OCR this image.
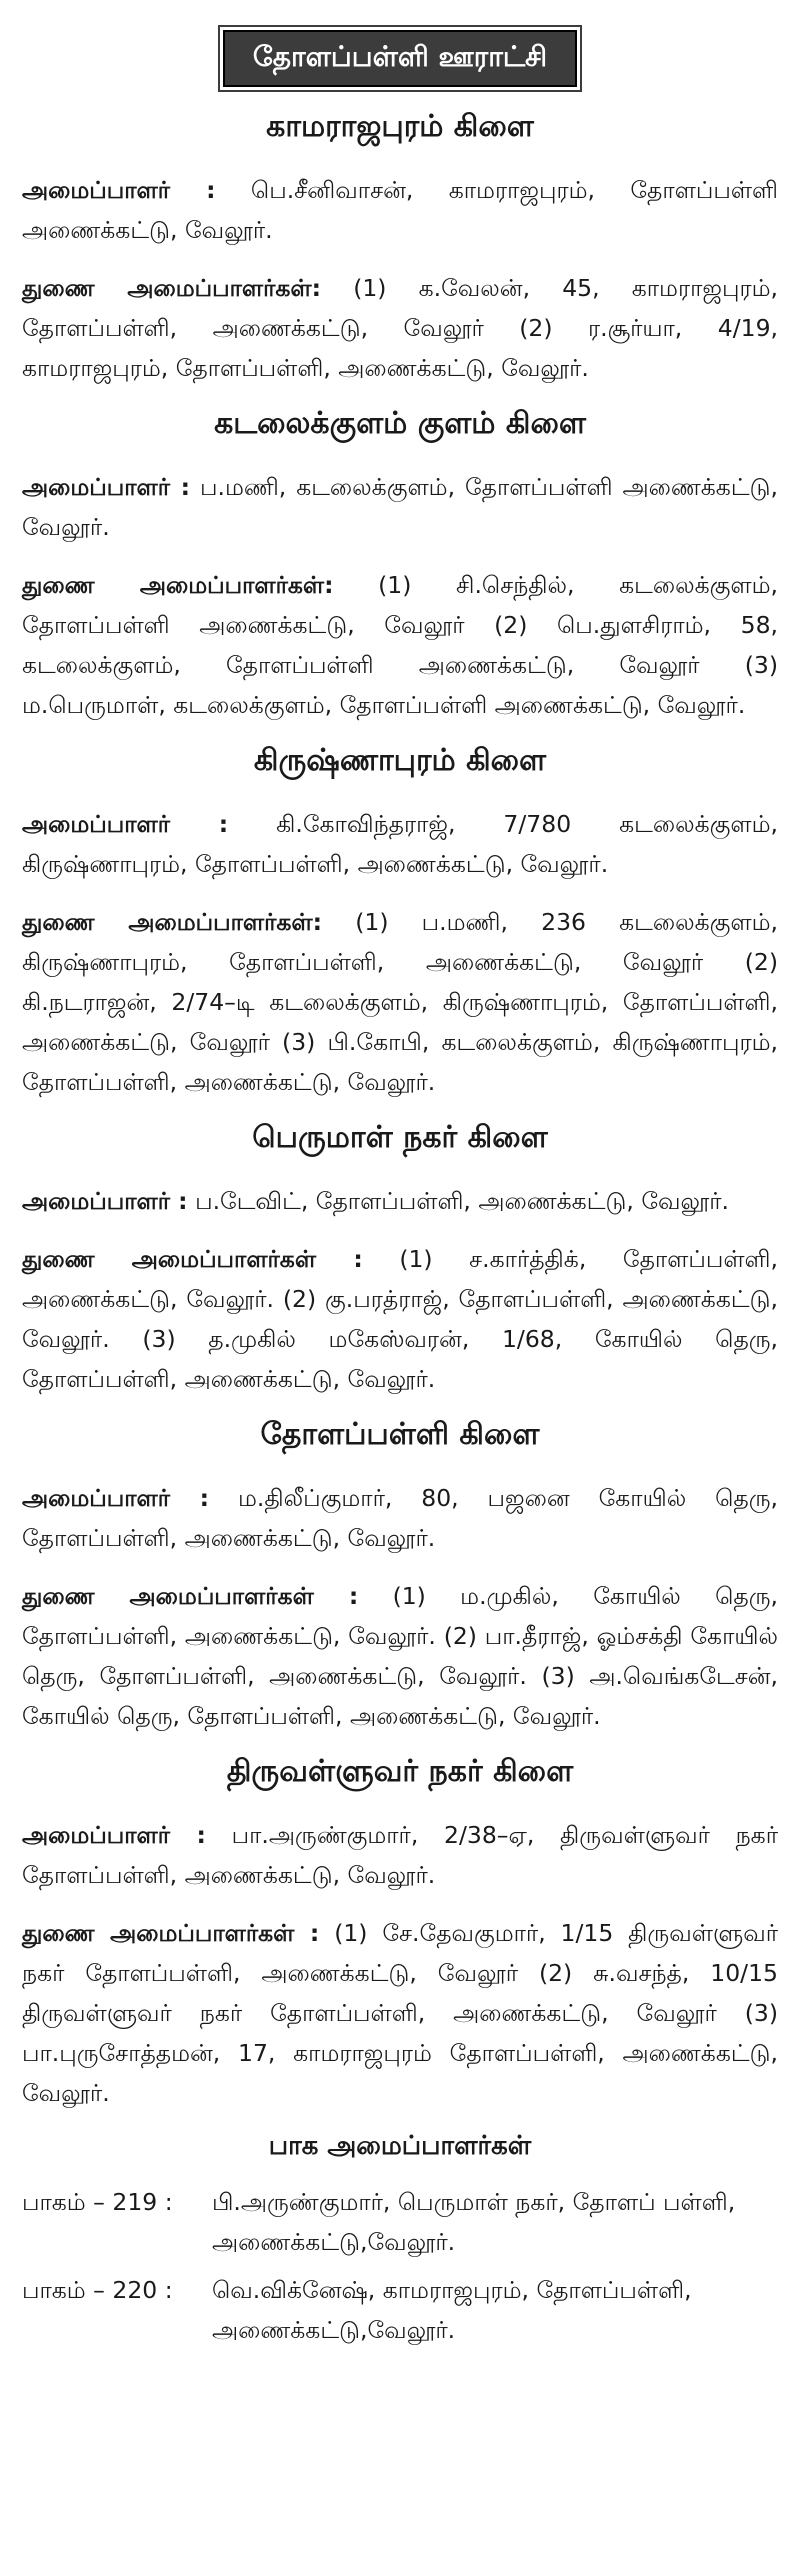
தோளப்பள்ளி ஊராட்சி
காமராஜபுரம் கிளை

அமைப்பாளர் : பெ.சீனிவாசன், காமராஜபுரம், தோளப்பள்ளி அணைக்கட்டு, வேலூர்.

துணை அமைப்பாளர்கள்: (1) க.வேலன், 45, காமராஜபுரம், தோளப்பள்ளி, அணைக்கட்டு, வேலூர் (2) ர.சூர்யா, 4/19, காமராஜபுரம், தோளப்பள்ளி, அணைக்கட்டு, வேலூர்.

கடலைக்குளம் குளம் கிளை

அமைப்பாளர் : ப.மணி, கடலைக்குளம், தோளப்பள்ளி அணைக்கட்டு, வேலூர்.

துணை அமைப்பாளர்கள்: (1) சி.செந்தில், கடலைக்குளம், தோளப்பள்ளி அணைக்கட்டு, வேலூர் (2) பெ.துளசிராம், 58, கடலைக்குளம், தோளப்பள்ளி அணைக்கட்டு, வேலூர் (3) ம.பெருமாள், கடலைக்குளம், தோளப்பள்ளி அணைக்கட்டு, வேலூர்.

கிருஷ்ணாபுரம் கிளை

அமைப்பாளர் : கி.கோவிந்தராஜ், 7/780 கடலைக்குளம், கிருஷ்ணாபுரம், தோளப்பள்ளி, அணைக்கட்டு, வேலூர்.

துணை அமைப்பாளர்கள்: (1) ப.மணி, 236 கடலைக்குளம், கிருஷ்ணாபுரம், தோளப்பள்ளி, அணைக்கட்டு, வேலூர் (2) கி.நடராஜன், 2/74–டி கடலைக்குளம், கிருஷ்ணாபுரம், தோளப்பள்ளி, அணைக்கட்டு, வேலூர் (3) பி.கோபி, கடலைக்குளம், கிருஷ்ணாபுரம், தோளப்பள்ளி, அணைக்கட்டு, வேலூர்.

பெருமாள் நகர் கிளை

அமைப்பாளர் : ப.டேவிட், தோளப்பள்ளி, அணைக்கட்டு, வேலூர்.

துணை அமைப்பாளர்கள் : (1) ச.கார்த்திக், தோளப்பள்ளி, அணைக்கட்டு, வேலூர். (2) கு.பரத்ராஜ், தோளப்பள்ளி, அணைக்கட்டு, வேலூர். (3) த.முகில் மகேஸ்வரன், 1/68, கோயில் தெரு, தோளப்பள்ளி, அணைக்கட்டு, வேலூர்.

தோளப்பள்ளி கிளை

அமைப்பாளர் : ம.திலீப்குமார், 80, பஜனை கோயில் தெரு, தோளப்பள்ளி, அணைக்கட்டு, வேலூர்.

துணை அமைப்பாளர்கள் : (1) ம.முகில், கோயில் தெரு, தோளப்பள்ளி, அணைக்கட்டு, வேலூர். (2) பா.தீராஜ், ஓம்சக்தி கோயில் தெரு, தோளப்பள்ளி, அணைக்கட்டு, வேலூர். (3) அ.வெங்கடேசன், கோயில் தெரு, தோளப்பள்ளி, அணைக்கட்டு, வேலூர்.

திருவள்ளுவர் நகர் கிளை

அமைப்பாளர் : பா.அருண்குமார், 2/38–ஏ, திருவள்ளுவர் நகர் தோளப்பள்ளி, அணைக்கட்டு, வேலூர்.

துணை அமைப்பாளர்கள் : (1) சே.தேவகுமார், 1/15 திருவள்ளுவர் நகர் தோளப்பள்ளி, அணைக்கட்டு, வேலூர் (2) சு.வசந்த், 10/15 திருவள்ளுவர் நகர் தோளப்பள்ளி, அணைக்கட்டு, வேலூர் (3) பா.புருசோத்தமன், 17, காமராஜபுரம் தோளப்பள்ளி, அணைக்கட்டு, வேலூர்.

பாக அமைப்பாளர்கள்
பாகம் – 219 :	பி.அருண்குமார், பெருமாள் நகர், தோளப் பள்ளி, அணைக்கட்டு,வேலூர்.
பாகம் – 220 :	வெ.விக்னேஷ், காமராஜபுரம், தோளப்பள்ளி, அணைக்கட்டு,வேலூர்.
